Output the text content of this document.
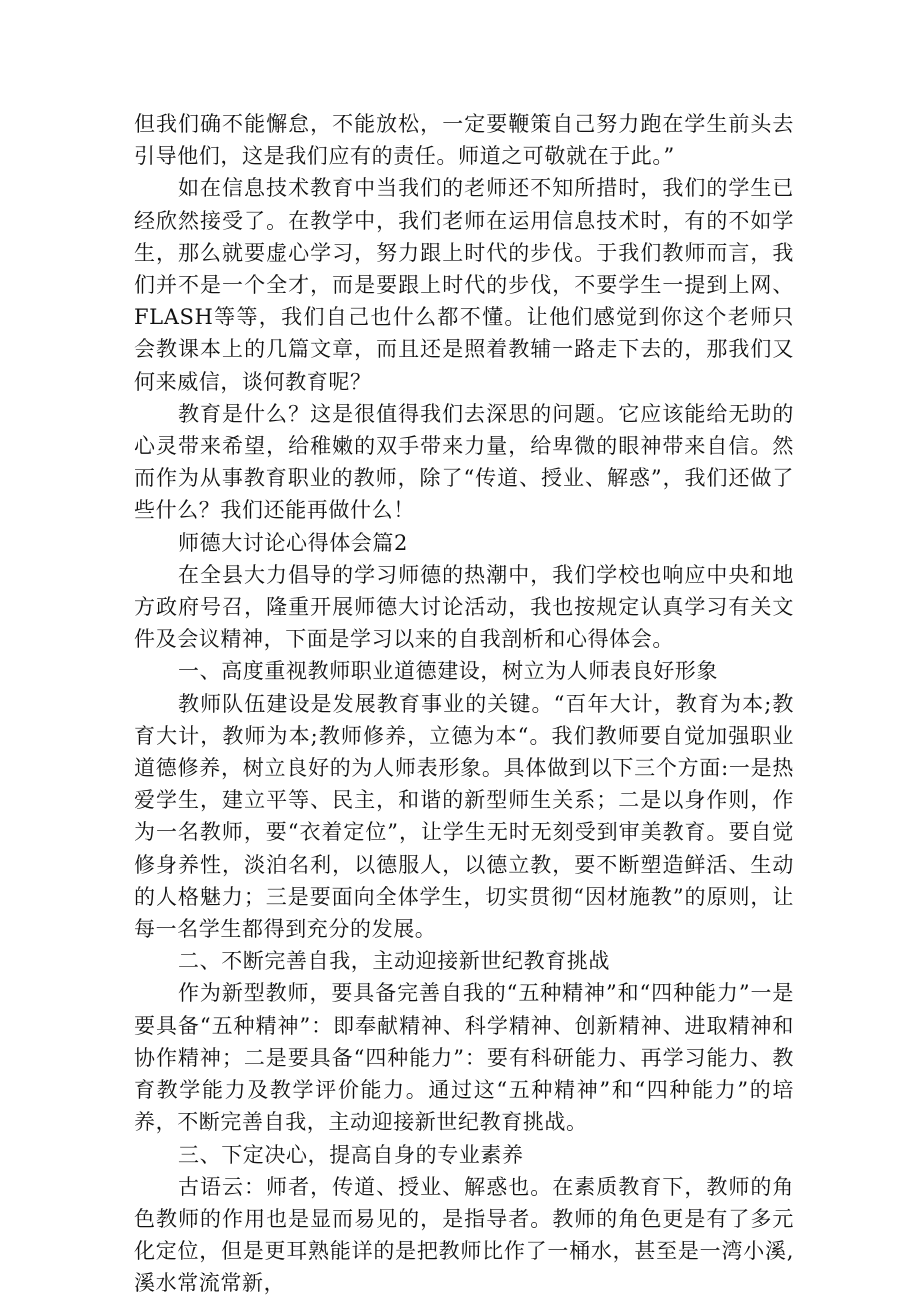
但我们确不能懈怠，不能放松，一定要鞭策自己努力跑在学生前头去引导他们，这是我们应有的责任。师道之可敬就在于此。”

如在信息技术教育中当我们的老师还不知所措时，我们的学生已经欣然接受了。在教学中，我们老师在运用信息技术时，有的不如学生，那么就要虚心学习，努力跟上时代的步伐。于我们教师而言，我们并不是一个全才，而是要跟上时代的步伐，不要学生一提到上网、FLASH等等，我们自己也什么都不懂。让他们感觉到你这个老师只会教课本上的几篇文章，而且还是照着教辅一路走下去的，那我们又何来威信，谈何教育呢？

教育是什么？这是很值得我们去深思的问题。它应该能给无助的心灵带来希望，给稚嫩的双手带来力量，给卑微的眼神带来自信。然而作为从事教育职业的教师，除了“传道、授业、解惑”，我们还做了些什么？我们还能再做什么！

师德大讨论心得体会篇2

在全县大力倡导的学习师德的热潮中，我们学校也响应中央和地方政府号召，隆重开展师德大讨论活动，我也按规定认真学习有关文件及会议精神，下面是学习以来的自我剖析和心得体会。

一、高度重视教师职业道德建设，树立为人师表良好形象

教师队伍建设是发展教育事业的关键。“百年大计，教育为本;教育大计，教师为本;教师修养，立德为本“。我们教师要自觉加强职业道德修养，树立良好的为人师表形象。具体做到以下三个方面:一是热爱学生，建立平等、民主，和谐的新型师生关系；二是以身作则，作为一名教师，要“衣着定位”，让学生无时无刻受到审美教育。要自觉修身养性，淡泊名利，以德服人，以德立教，要不断塑造鲜活、生动的人格魅力；三是要面向全体学生，切实贯彻“因材施教”的原则，让每一名学生都得到充分的发展。

二、不断完善自我，主动迎接新世纪教育挑战

作为新型教师，要具备完善自我的“五种精神”和“四种能力”一是要具备“五种精神”：即奉献精神、科学精神、创新精神、进取精神和协作精神；二是要具备“四种能力”：要有科研能力、再学习能力、教育教学能力及教学评价能力。通过这“五种精神”和“四种能力”的培养，不断完善自我，主动迎接新世纪教育挑战。

三、下定决心，提高自身的专业素养

古语云：师者，传道、授业、解惑也。在素质教育下，教师的角色教师的作用也是显而易见的，是指导者。教师的角色更是有了多元化定位，但是更耳熟能详的是把教师比作了一桶水，甚至是一湾小溪,溪水常流常新，
